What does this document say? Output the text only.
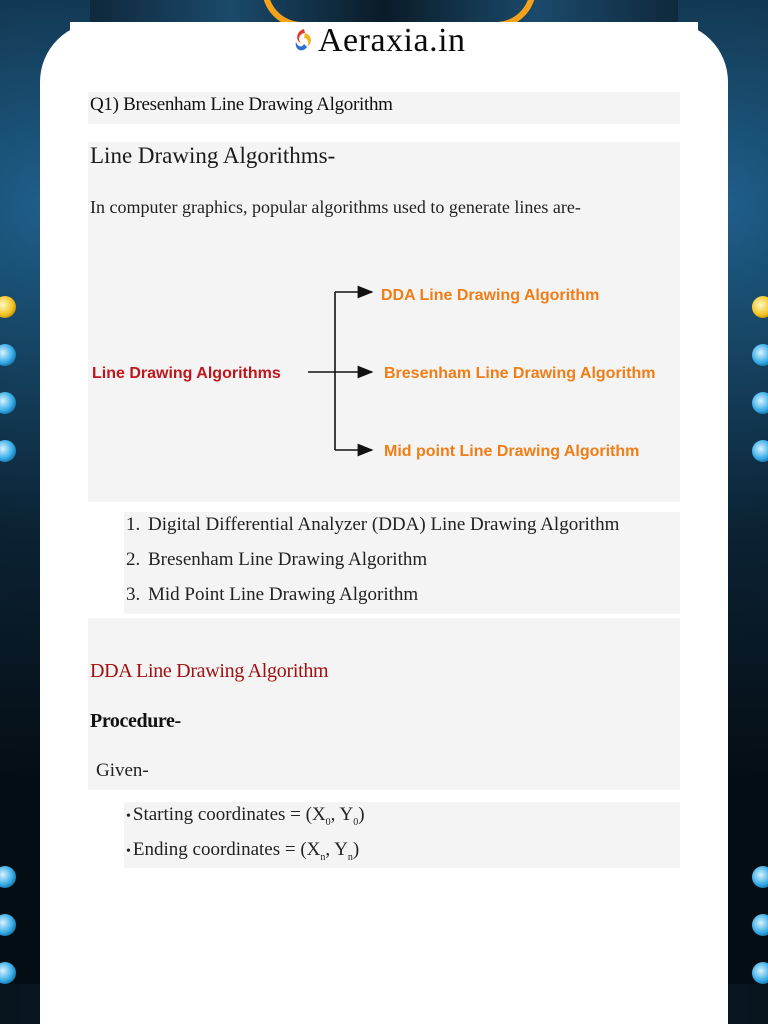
Aeraxia.in
Q1) Bresenham Line Drawing Algorithm
Line Drawing Algorithms-
In computer graphics, popular algorithms used to generate lines are-
Line Drawing Algorithms
DDA Line Drawing Algorithm
Bresenham Line Drawing Algorithm
Mid point Line Drawing Algorithm
1. Digital Differential Analyzer (DDA) Line Drawing Algorithm
2. Bresenham Line Drawing Algorithm
3. Mid Point Line Drawing Algorithm
DDA Line Drawing Algorithm
Procedure-
Given-
• Starting coordinates = ($X_0$, $Y_0$)
• Ending coordinates = ($X_n$, $Y_n$)
